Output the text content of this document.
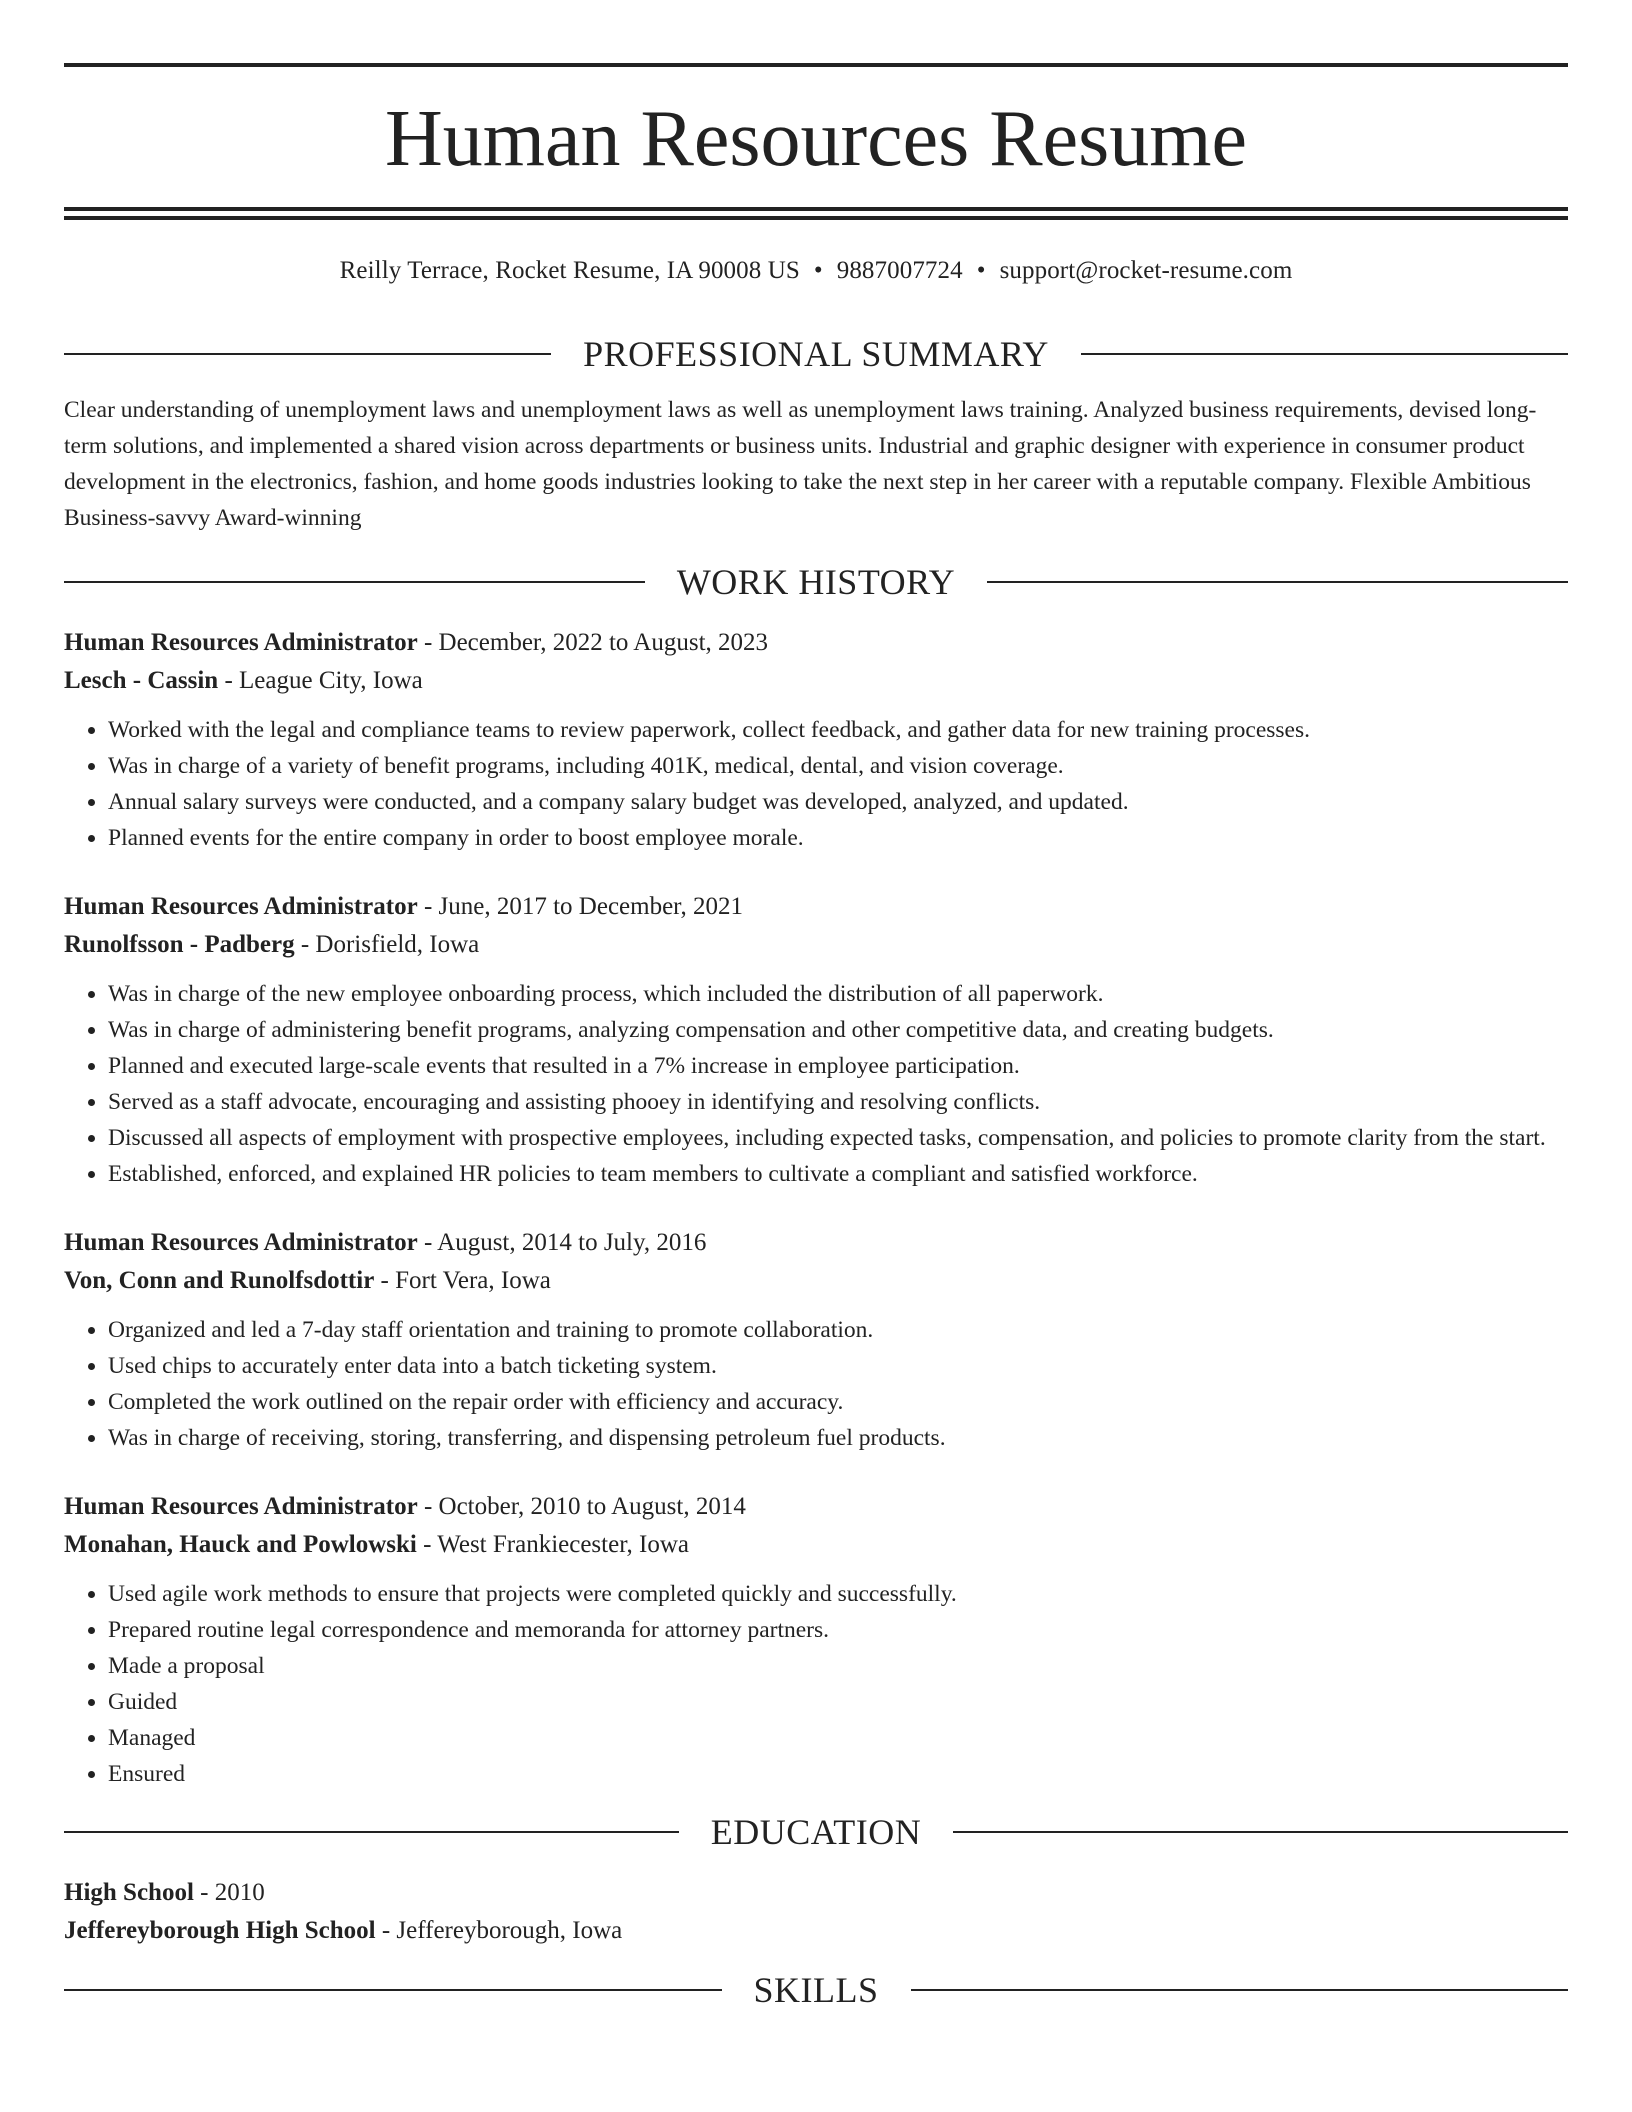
Human Resources Resume
Reilly Terrace, Rocket Resume, IA 90008 US • 9887007724 • support@rocket-resume.com
PROFESSIONAL SUMMARY
Clear understanding of unemployment laws and unemployment laws as well as unemployment laws training. Analyzed business requirements, devised long-term solutions, and implemented a shared vision across departments or business units. Industrial and graphic designer with experience in consumer product development in the electronics, fashion, and home goods industries looking to take the next step in her career with a reputable company. Flexible Ambitious Business-savvy Award-winning
WORK HISTORY
Human Resources Administrator - December, 2022 to August, 2023
Lesch - Cassin - League City, Iowa
• Worked with the legal and compliance teams to review paperwork, collect feedback, and gather data for new training processes.
• Was in charge of a variety of benefit programs, including 401K, medical, dental, and vision coverage.
• Annual salary surveys were conducted, and a company salary budget was developed, analyzed, and updated.
• Planned events for the entire company in order to boost employee morale.
Human Resources Administrator - June, 2017 to December, 2021
Runolfsson - Padberg - Dorisfield, Iowa
• Was in charge of the new employee onboarding process, which included the distribution of all paperwork.
• Was in charge of administering benefit programs, analyzing compensation and other competitive data, and creating budgets.
• Planned and executed large-scale events that resulted in a 7% increase in employee participation.
• Served as a staff advocate, encouraging and assisting phooey in identifying and resolving conflicts.
• Discussed all aspects of employment with prospective employees, including expected tasks, compensation, and policies to promote clarity from the start.
• Established, enforced, and explained HR policies to team members to cultivate a compliant and satisfied workforce.
Human Resources Administrator - August, 2014 to July, 2016
Von, Conn and Runolfsdottir - Fort Vera, Iowa
• Organized and led a 7-day staff orientation and training to promote collaboration.
• Used chips to accurately enter data into a batch ticketing system.
• Completed the work outlined on the repair order with efficiency and accuracy.
• Was in charge of receiving, storing, transferring, and dispensing petroleum fuel products.
Human Resources Administrator - October, 2010 to August, 2014
Monahan, Hauck and Powlowski - West Frankiecester, Iowa
• Used agile work methods to ensure that projects were completed quickly and successfully.
• Prepared routine legal correspondence and memoranda for attorney partners.
• Made a proposal
• Guided
• Managed
• Ensured
EDUCATION
High School - 2010
Jeffereyborough High School - Jeffereyborough, Iowa
SKILLS
